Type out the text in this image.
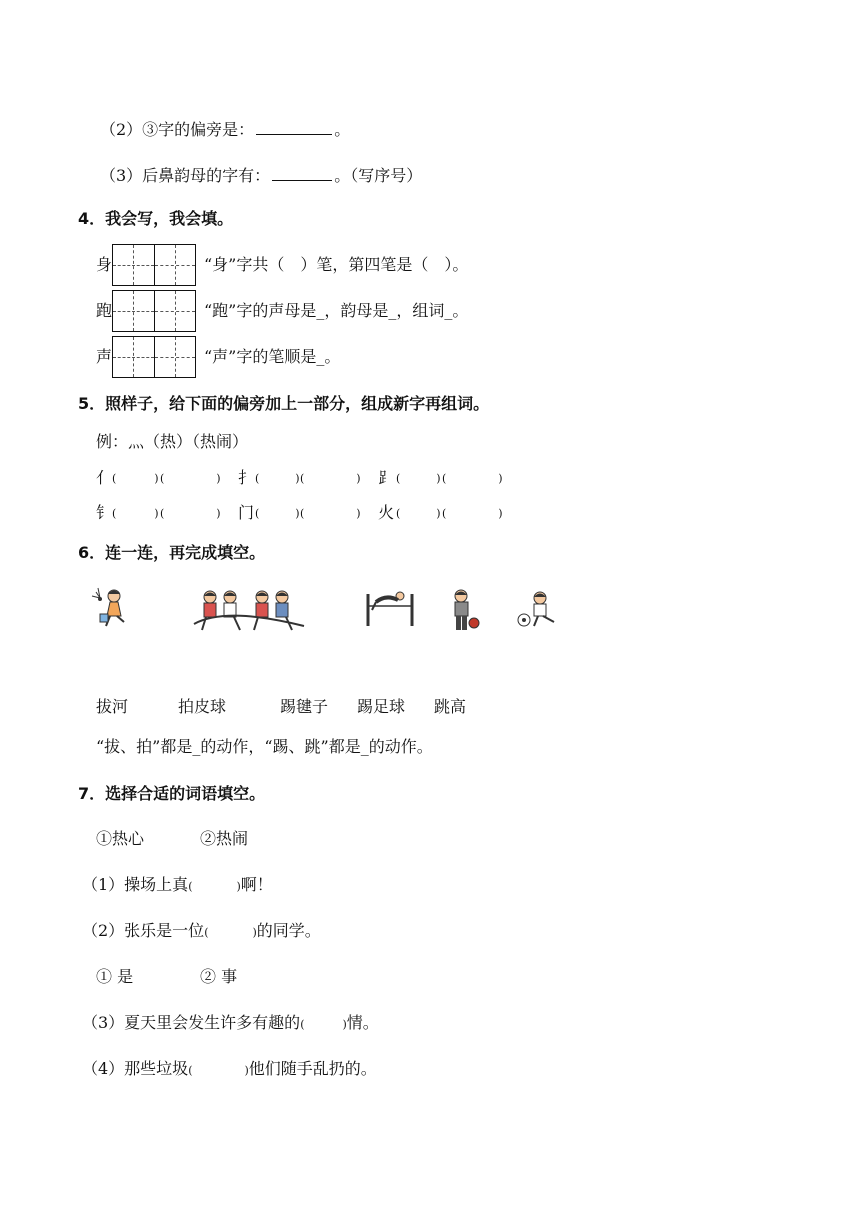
（2）③字的偏旁是：	。
（3）后鼻韵母的字有：	。（写序号）
4．我会写，我会填。
身	“身”字共（　）笔，第四笔是（　）。
跑	“跑”字的声母是_，韵母是_，组词_。
声	“声”字的笔顺是_。
5．照样子，给下面的偏旁加上一部分，组成新字再组词。
例：灬（热）（热闹）
亻 (	) (	) 扌 (	) (	) ⻊ (	) (	)
钅 (	) (	) 门 (	) (	) 火 (	) (	)
6．连一连，再完成填空。
拔河	拍皮球	踢毽子 踢足球 跳高
“拔、拍”都是_的动作，“踢、跳”都是_的动作。
7．选择合适的词语填空。
①热心	②热闹
（1）操场上真(	)啊！
（2）张乐是一位(	)的同学。
① 是	② 事
（3）夏天里会发生许多有趣的(	)情。
（4）那些垃圾(	)他们随手乱扔的。
